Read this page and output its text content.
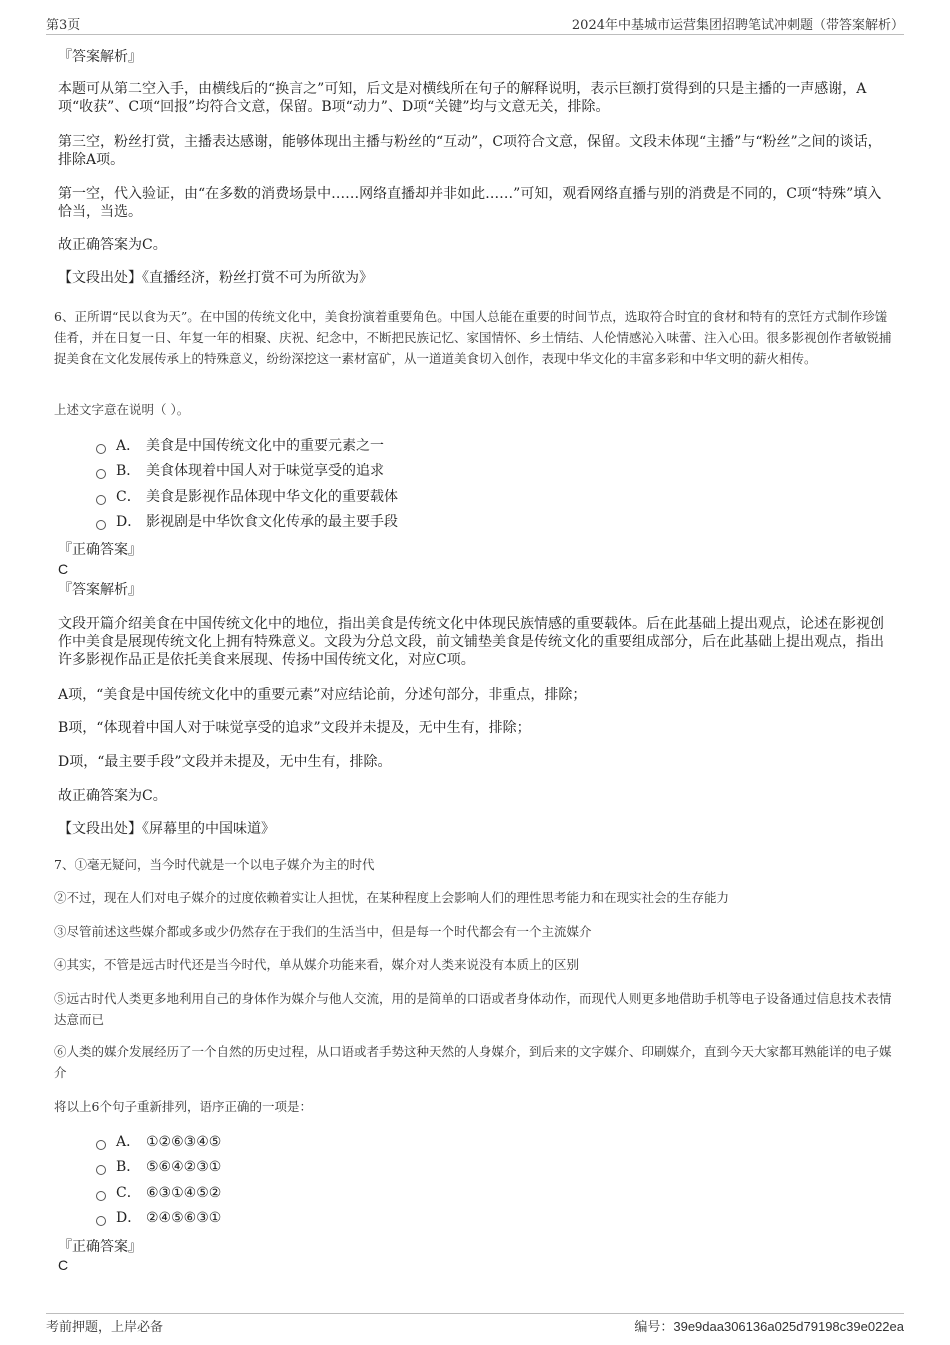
第3页	2024年中基城市运营集团招聘笔试冲刺题（带答案解析）

『答案解析』

本题可从第二空入手，由横线后的“换言之”可知，后文是对横线所在句子的解释说明，表示巨额打赏得到的只是主播的一声感谢，A项“收获”、C项“回报”均符合文意，保留。B项“动力”、D项“关键”均与文意无关，排除。

第三空，粉丝打赏，主播表达感谢，能够体现出主播与粉丝的“互动”，C项符合文意，保留。文段未体现“主播”与“粉丝”之间的谈话，排除A项。

第一空，代入验证，由“在多数的消费场景中……网络直播却并非如此……”可知，观看网络直播与别的消费是不同的，C项“特殊”填入恰当，当选。

故正确答案为C。

【文段出处】《直播经济，粉丝打赏不可为所欲为》

6、正所谓“民以食为天”。在中国的传统文化中，美食扮演着重要角色。中国人总能在重要的时间节点，选取符合时宜的食材和特有的烹饪方式制作珍馐佳肴，并在日复一日、年复一年的相聚、庆祝、纪念中，不断把民族记忆、家国情怀、乡土情结、人伦情感沁入味蕾、注入心田。很多影视创作者敏锐捕捉美食在文化发展传承上的特殊意义，纷纷深挖这一素材富矿，从一道道美食切入创作，表现中华文化的丰富多彩和中华文明的薪火相传。

上述文字意在说明（ ）。

A． 美食是中国传统文化中的重要元素之一
B． 美食体现着中国人对于味觉享受的追求
C． 美食是影视作品体现中华文化的重要载体
D． 影视剧是中华饮食文化传承的最主要手段

『正确答案』

C

『答案解析』

文段开篇介绍美食在中国传统文化中的地位，指出美食是传统文化中体现民族情感的重要载体。后在此基础上提出观点，论述在影视创作中美食是展现传统文化上拥有特殊意义。文段为分总文段，前文铺垫美食是传统文化的重要组成部分，后在此基础上提出观点，指出许多影视作品正是依托美食来展现、传扬中国传统文化，对应C项。

A项，“美食是中国传统文化中的重要元素”对应结论前，分述句部分，非重点，排除；

B项，“体现着中国人对于味觉享受的追求”文段并未提及，无中生有，排除；

D项，“最主要手段”文段并未提及，无中生有，排除。

故正确答案为C。

【文段出处】《屏幕里的中国味道》

7、①毫无疑问，当今时代就是一个以电子媒介为主的时代

②不过，现在人们对电子媒介的过度依赖着实让人担忧，在某种程度上会影响人们的理性思考能力和在现实社会的生存能力

③尽管前述这些媒介都或多或少仍然存在于我们的生活当中，但是每一个时代都会有一个主流媒介

④其实，不管是远古时代还是当今时代，单从媒介功能来看，媒介对人类来说没有本质上的区别

⑤远古时代人类更多地利用自己的身体作为媒介与他人交流，用的是简单的口语或者身体动作，而现代人则更多地借助手机等电子设备通过信息技术表情达意而已

⑥人类的媒介发展经历了一个自然的历史过程，从口语或者手势这种天然的人身媒介，到后来的文字媒介、印刷媒介，直到今天大家都耳熟能详的电子媒介

将以上6个句子重新排列，语序正确的一项是：

A． ①②⑥③④⑤
B． ⑤⑥④②③①
C． ⑥③①④⑤②
D． ②④⑤⑥③①

『正确答案』

C

考前押题，上岸必备	编号：39e9daa306136a025d79198c39e022ea
